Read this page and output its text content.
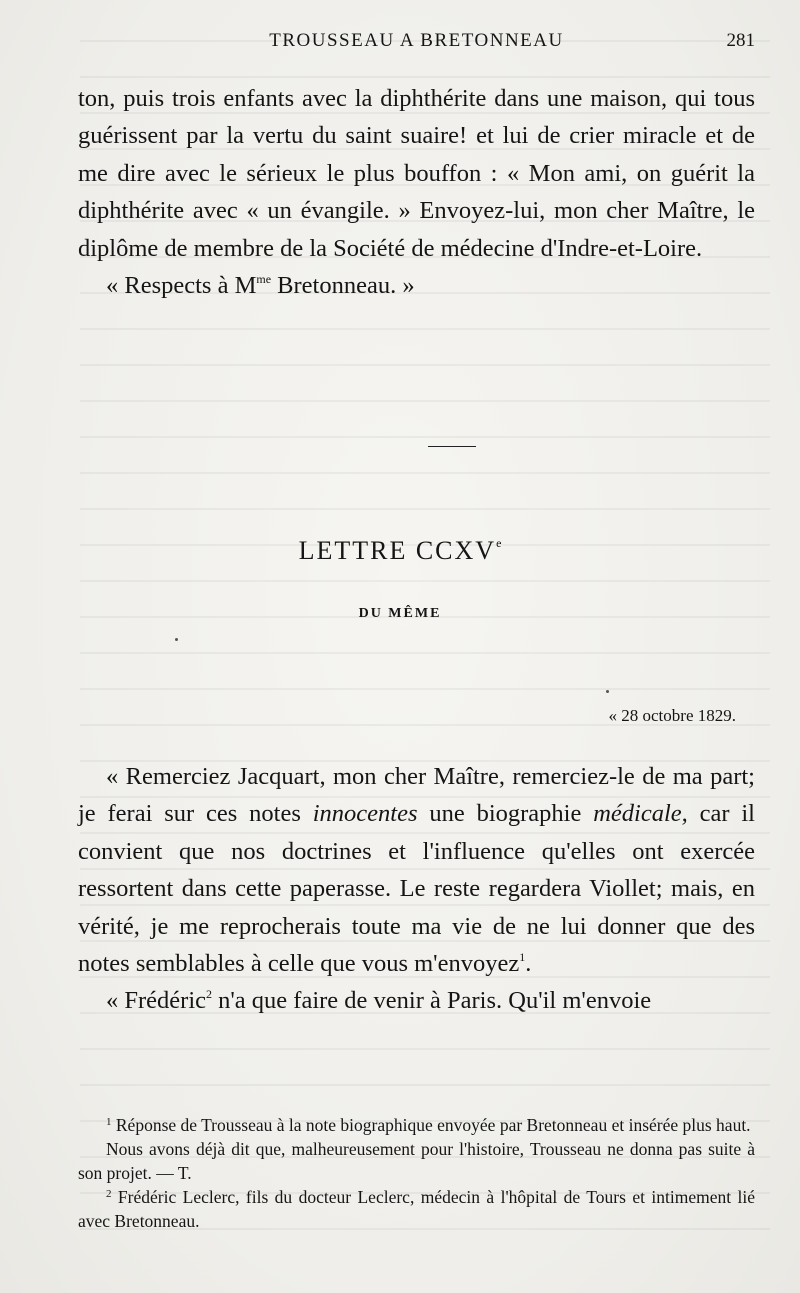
TROUSSEAU A BRETONNEAU	281

ton, puis trois enfants avec la diphthérite dans une maison, qui tous guérissent par la vertu du saint suaire! et lui de crier miracle et de me dire avec le sérieux le plus bouffon : « Mon ami, on guérit la diphthérite avec « un évangile. » Envoyez-lui, mon cher Maître, le diplôme de membre de la Société de médecine d'Indre-et-Loire.

« Respects à $M^{me}$ Bretonneau. »

LETTRE CCXVe
DU MÊME
« 28 octobre 1829.

« Remerciez Jacquart, mon cher Maître, remerciez-le de ma part; je ferai sur ces notes innocentes une biographie médicale, car il convient que nos doctrines et l'influence qu'elles ont exercée ressortent dans cette paperasse. Le reste regardera Viollet; mais, en vérité, je me reprocherais toute ma vie de ne lui donner que des notes semblables à celle que vous m'envoyez$^1$.

« Frédéric$^2$ n'a que faire de venir à Paris. Qu'il m'envoie

$^1$ Réponse de Trousseau à la note biographique envoyée par Bretonneau et insérée plus haut.

Nous avons déjà dit que, malheureusement pour l'histoire, Trousseau ne donna pas suite à son projet. — T.

$^2$ Frédéric Leclerc, fils du docteur Leclerc, médecin à l'hôpital de Tours et intimement lié avec Bretonneau.
